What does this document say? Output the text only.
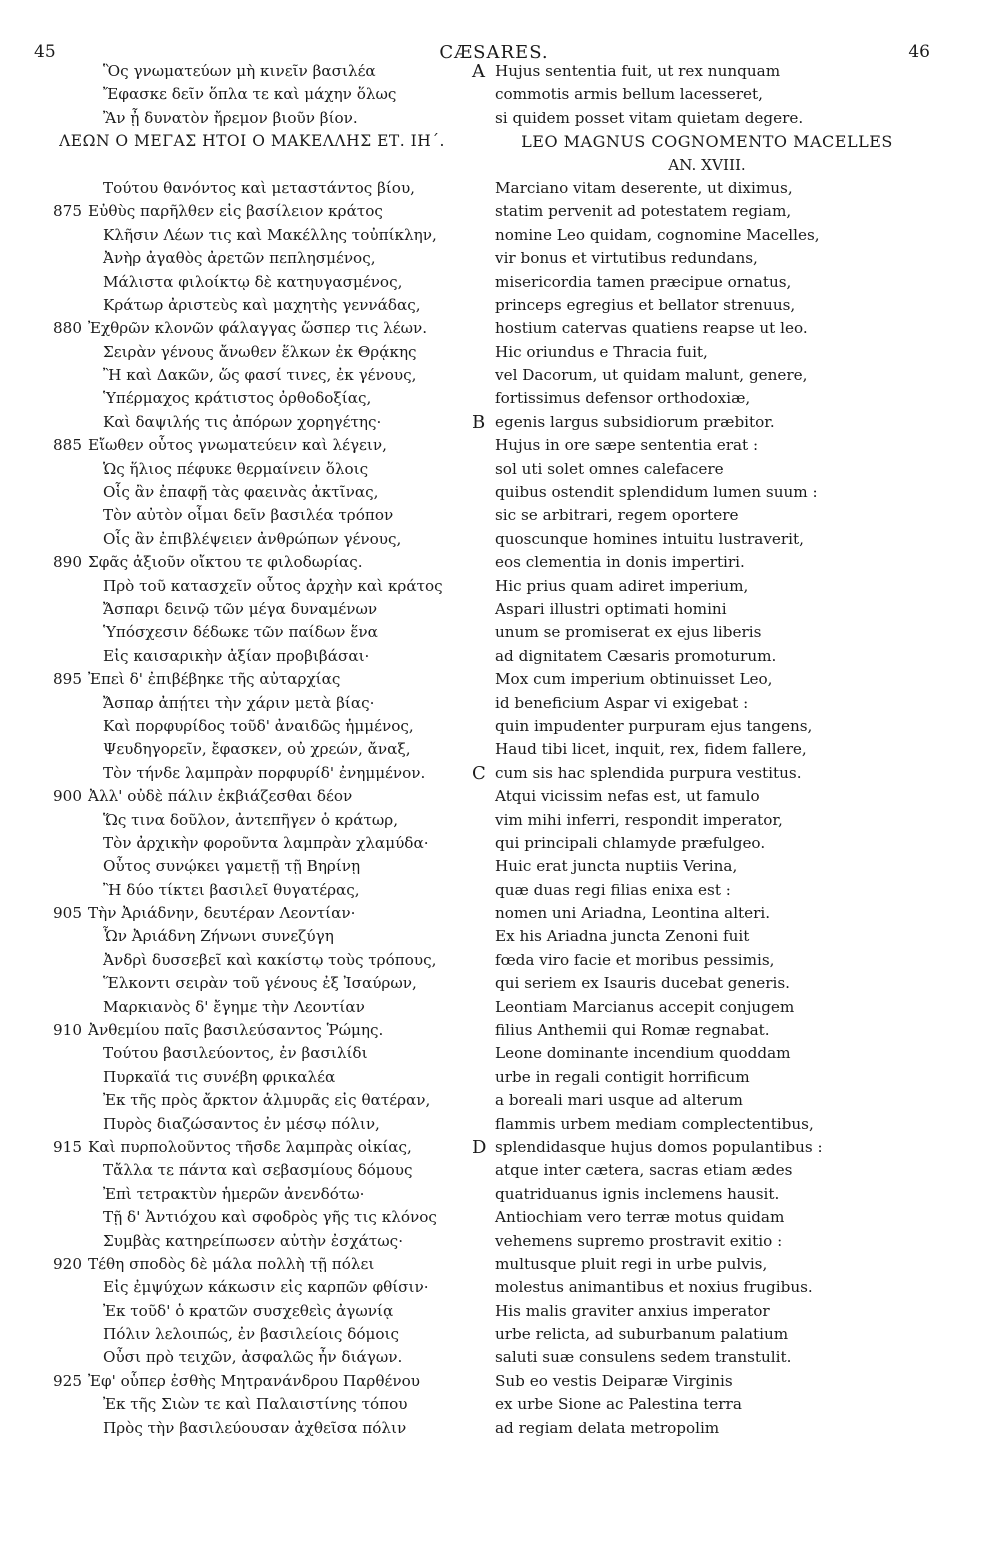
45	CÆSARES.	46
Ὃς γνωματεύων μὴ κινεῖν βασιλέα
Ἔφασκε δεῖν ὅπλα τε καὶ μάχην ὅλως
Ἂν ᾖ δυνατὸν ἤρεμον βιοῦν βίον.
ΛΕΩΝ Ο ΜΕΓΑΣ ΗΤΟΙ Ο ΜΑΚΕΛΛΗΣ ΕΤ. ΙΗ΄.
Τούτου θανόντος καὶ μεταστάντος βίου,
875 Εὐθὺς παρῆλθεν εἰς βασίλειον κράτος
Κλῆσιν Λέων τις καὶ Μακέλλης τοὐπίκλην,
Ἀνὴρ ἀγαθὸς ἀρετῶν πεπλησμένος,
Μάλιστα φιλοίκτῳ δὲ κατηυγασμένος,
Κράτωρ ἀριστεὺς καὶ μαχητὴς γεννάδας,
880 Ἐχθρῶν κλονῶν φάλαγγας ὥσπερ τις λέων.
Σειρὰν γένους ἄνωθεν ἕλκων ἐκ Θρᾴκης
Ἢ καὶ Δακῶν, ὥς φασί τινες, ἐκ γένους,
Ὑπέρμαχος κράτιστος ὀρθοδοξίας,
Καὶ δαψιλής τις ἀπόρων χορηγέτης·
885 Εἴωθεν οὗτος γνωματεύειν καὶ λέγειν,
Ὡς ἥλιος πέφυκε θερμαίνειν ὅλοις
Οἷς ἂν ἐπαφῇ τὰς φαεινὰς ἀκτῖνας,
Τὸν αὐτὸν οἶμαι δεῖν βασιλέα τρόπον
Οἷς ἂν ἐπιβλέψειεν ἀνθρώπων γένους,
890 Σφᾶς ἀξιοῦν οἴκτου τε φιλοδωρίας.
Πρὸ τοῦ κατασχεῖν οὗτος ἀρχὴν καὶ κράτος
Ἄσπαρι δεινῷ τῶν μέγα δυναμένων
Ὑπόσχεσιν δέδωκε τῶν παίδων ἕνα
Εἰς καισαρικὴν ἀξίαν προβιβάσαι·
895 Ἐπεὶ δ' ἐπιβέβηκε τῆς αὐταρχίας
Ἄσπαρ ἀπῄτει τὴν χάριν μετὰ βίας·
Καὶ πορφυρίδος τοῦδ' ἀναιδῶς ἡμμένος,
Ψευδηγορεῖν, ἔφασκεν, οὐ χρεών, ἄναξ,
Τὸν τήνδε λαμπρὰν πορφυρίδ' ἐνημμένον.
900 Ἀλλ' οὐδὲ πάλιν ἐκβιάζεσθαι δέον
Ὥς τινα δοῦλον, ἀντεπῆγεν ὁ κράτωρ,
Τὸν ἀρχικὴν φοροῦντα λαμπρὰν χλαμύδα·
Οὗτος συνῴκει γαμετῇ τῇ Βηρίνῃ
Ἢ δύο τίκτει βασιλεῖ θυγατέρας,
905 Τὴν Ἀριάδνην, δευτέραν Λεοντίαν·
Ὧν Ἀριάδνη Ζήνωνι συνεζύγη
Ἀνδρὶ δυσσεβεῖ καὶ κακίστῳ τοὺς τρόπους,
Ἕλκοντι σειρὰν τοῦ γένους ἐξ Ἰσαύρων,
Μαρκιανὸς δ' ἔγημε τὴν Λεοντίαν
910 Ἀνθεμίου παῖς βασιλεύσαντος Ῥώμης.
Τούτου βασιλεύοντος, ἐν βασιλίδι
Πυρκαϊά τις συνέβη φρικαλέα
Ἐκ τῆς πρὸς ἄρκτον ἁλμυρᾶς εἰς θατέραν,
Πυρὸς διαζώσαντος ἐν μέσῳ πόλιν,
915 Καὶ πυρπολοῦντος τῆσδε λαμπρὰς οἰκίας,
Τἄλλα τε πάντα καὶ σεβασμίους δόμους
Ἐπὶ τετρακτὺν ἡμερῶν ἀνενδότω·
Τῇ δ' Ἀντιόχου καὶ σφοδρὸς γῆς τις κλόνος
Συμβὰς κατηρείπωσεν αὐτὴν ἐσχάτως·
920 Τέθη σποδὸς δὲ μάλα πολλὴ τῇ πόλει
Εἰς ἐμψύχων κάκωσιν εἰς καρπῶν φθίσιν·
Ἐκ τοῦδ' ὁ κρατῶν συσχεθεὶς ἀγωνίᾳ
Πόλιν λελοιπώς, ἐν βασιλείοις δόμοις
Οὖσι πρὸ τειχῶν, ἀσφαλῶς ἦν διάγων.
925 Ἐφ' οὗπερ ἐσθὴς Μητρανάνδρου Παρθένου
Ἐκ τῆς Σιὼν τε καὶ Παλαιστίνης τόπου
Πρὸς τὴν βασιλεύουσαν ἀχθεῖσα πόλιν
A Hujus sententia fuit, ut rex nunquam
commotis armis bellum lacesseret,
si quidem posset vitam quietam degere.
LEO MAGNUS COGNOMENTO MACELLES
AN. XVIII.
Marciano vitam deserente, ut diximus,
statim pervenit ad potestatem regiam,
nomine Leo quidam, cognomine Macelles,
vir bonus et virtutibus redundans,
misericordia tamen præcipue ornatus,
princeps egregius et bellator strenuus,
hostium catervas quatiens reapse ut leo.
Hic oriundus e Thracia fuit,
vel Dacorum, ut quidam malunt, genere,
fortissimus defensor orthodoxiæ,
B egenis largus subsidiorum præbitor.
Hujus in ore sæpe sententia erat :
sol uti solet omnes calefacere
quibus ostendit splendidum lumen suum :
sic se arbitrari, regem oportere
quoscunque homines intuitu lustraverit,
eos clementia in donis impertiri.
Hic prius quam adiret imperium,
Aspari illustri optimati homini
unum se promiserat ex ejus liberis
ad dignitatem Cæsaris promoturum.
Mox cum imperium obtinuisset Leo,
id beneficium Aspar vi exigebat :
quin impudenter purpuram ejus tangens,
Haud tibi licet, inquit, rex, fidem fallere,
C cum sis hac splendida purpura vestitus.
Atqui vicissim nefas est, ut famulo
vim mihi inferri, respondit imperator,
qui principali chlamyde præfulgeo.
Huic erat juncta nuptiis Verina,
quæ duas regi filias enixa est :
nomen uni Ariadna, Leontina alteri.
Ex his Ariadna juncta Zenoni fuit
fœda viro facie et moribus pessimis,
qui seriem ex Isauris ducebat generis.
Leontiam Marcianus accepit conjugem
filius Anthemii qui Romæ regnabat.
Leone dominante incendium quoddam
urbe in regali contigit horrificum
a boreali mari usque ad alterum
flammis urbem mediam complectentibus,
D splendidasque hujus domos populantibus :
atque inter cætera, sacras etiam ædes
quatriduanus ignis inclemens hausit.
Antiochiam vero terræ motus quidam
vehemens supremo prostravit exitio :
multusque pluit regi in urbe pulvis,
molestus animantibus et noxius frugibus.
His malis graviter anxius imperator
urbe relicta, ad suburbanum palatium
saluti suæ consulens sedem transtulit.
Sub eo vestis Deiparæ Virginis
ex urbe Sione ac Palestina terra
ad regiam delata metropolim
